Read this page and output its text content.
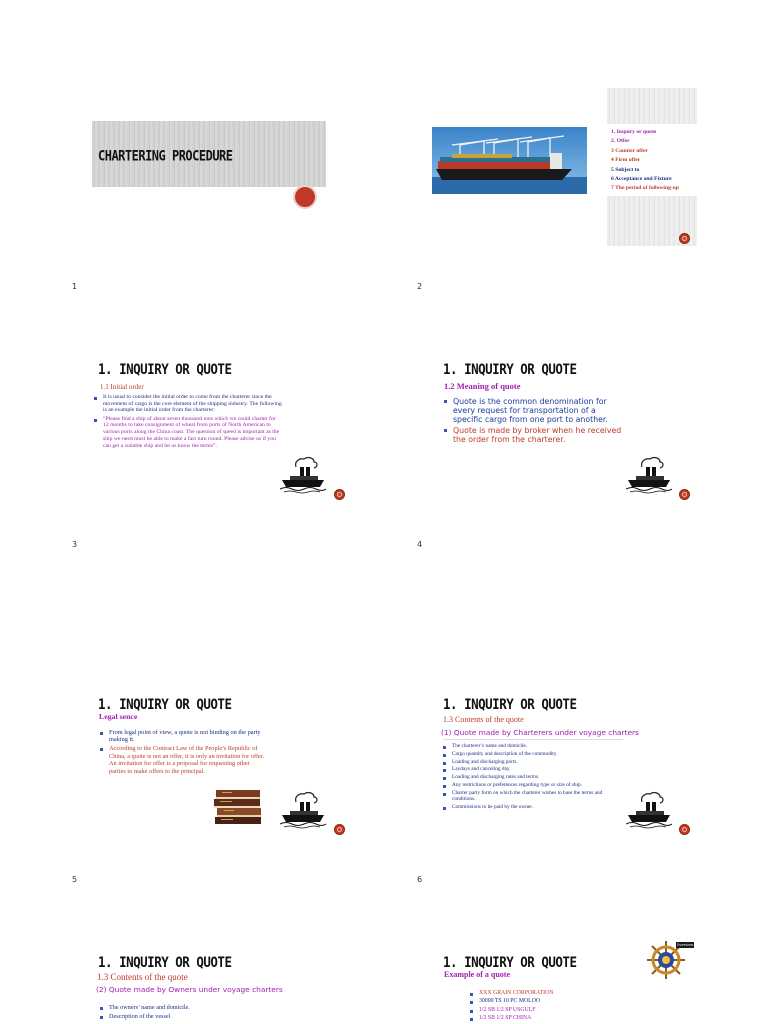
CHARTERING PROCEDURE
1
1. Inquiry or quote
2. Offer
3 Counter offer
4 Firm offer
5 Subject to
6 Acceptance and Fixture
7 The period of following-up
2
1. INQUIRY OR QUOTE
1.1 Initial order
It is usual to consider the initial order to come from the charterer since the movement of cargo is the core element of the shipping industry. The following is an example the initial order from the charterer:
“Please find a ship of about seven thousand tons which we could charter for 12 months to take consignment of wheat from ports of North American to various ports along the China coast. The question of speed is important as the ship we need must be able to make a fast turn round. Please advise us if you can get a suitable ship and let us know the terms”.
3
1. INQUIRY OR QUOTE
1.2 Meaning of quote
Quote is the common denomination for every request for transportation of a specific cargo from one port to another.
Quote is made by broker when he received the order from the charterer.
4
1. INQUIRY OR QUOTE
Legal sence
From legal point of view, a quote is not binding on the party making it.
According to the Contract Law of the People’s Republic of China, a quote is not an offer, it is only an invitation for offer. An invitation for offer is a proposal for requesting other parties to make offers to the principal.
5
1. INQUIRY OR QUOTE
1.3 Contents of the quote
(1) Quote made by Charterers under voyage charters
The charterer’s name and domicile.
Cargo quantity and description of the commodity.
Loading and discharging ports.
Laydays and canceling day.
Loading and discharging rates and terms.
Any restrictions or preferences regarding type or size of ship.
Charter party form on which the charterer wishes to base the terms and conditions.
Commissions to be paid by the owner.
6
1. INQUIRY OR QUOTE
1.3 Contents of the quote
(2) Quote made by Owners under voyage charters
The owners’ name and domicile.
Description of the vessel
1. INQUIRY OR QUOTE
Example of a quote
Overview
XXX GRAIN CORPORATION
30000 TS 10 PC MOLOO
1/2 SB 1/2 SP USGULF
1/2 SB 1/2 SP CHINA
